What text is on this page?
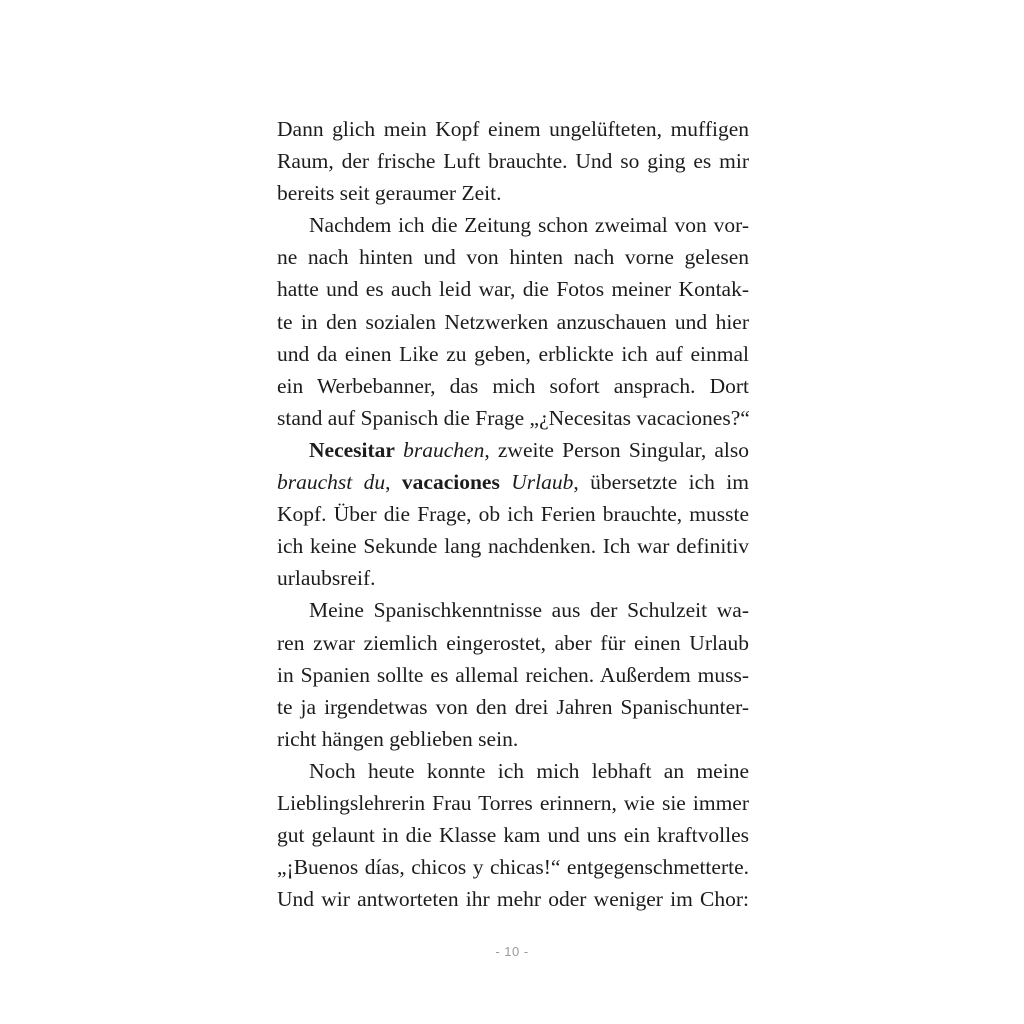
Dann glich mein Kopf einem ungelüfteten, muffigen
Raum, der frische Luft brauchte. Und so ging es mir
bereits seit geraumer Zeit.
Nachdem ich die Zeitung schon zweimal von vor-
ne nach hinten und von hinten nach vorne gelesen
hatte und es auch leid war, die Fotos meiner Kontak-
te in den sozialen Netzwerken anzuschauen und hier
und da einen Like zu geben, erblickte ich auf einmal
ein Werbebanner, das mich sofort ansprach. Dort
stand auf Spanisch die Frage „¿Necesitas vacaciones?“
Necesitar brauchen, zweite Person Singular, also
brauchst du, vacaciones Urlaub, übersetzte ich im
Kopf. Über die Frage, ob ich Ferien brauchte, musste
ich keine Sekunde lang nachdenken. Ich war definitiv
urlaubsreif.
Meine Spanischkenntnisse aus der Schulzeit wa-
ren zwar ziemlich eingerostet, aber für einen Urlaub
in Spanien sollte es allemal reichen. Außerdem muss-
te ja irgendetwas von den drei Jahren Spanischunter-
richt hängen geblieben sein.
Noch heute konnte ich mich lebhaft an meine
Lieblingslehrerin Frau Torres erinnern, wie sie immer
gut gelaunt in die Klasse kam und uns ein kraftvolles
„¡Buenos días, chicos y chicas!“ entgegenschmetterte.
Und wir antworteten ihr mehr oder weniger im Chor:
- 10 -
